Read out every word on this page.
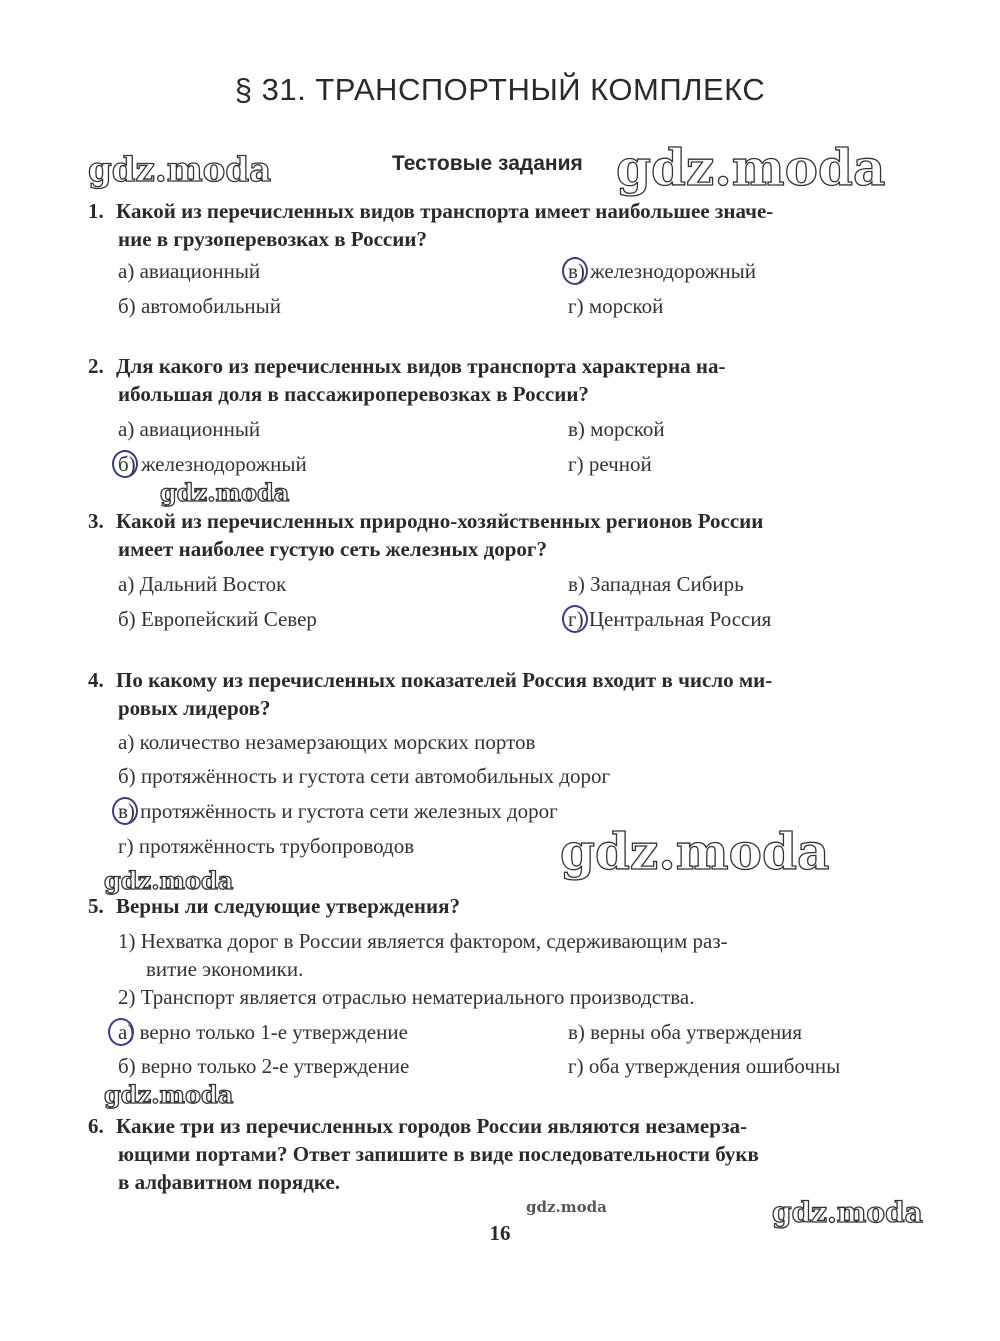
§ 31. ТРАНСПОРТНЫЙ КОМПЛЕКС
gdz.moda	gdz.moda
gdz.moda
gdz.moda
gdz.moda
gdz.moda
gdz.moda	gdz.moda
Тестовые задания
1. Какой из перечисленных видов транспорта имеет наибольшее значе-
ние в грузоперевозках в России?
а) авиационный
б) автомобильный
в) железнодорожный
г) морской
2. Для какого из перечисленных видов транспорта характерна на-
ибольшая доля в пассажироперевозках в России?
а) авиационный
б) железнодорожный
в) морской
г) речной
3. Какой из перечисленных природно-хозяйственных регионов России
имеет наиболее густую сеть железных дорог?
а) Дальний Восток
б) Европейский Север
в) Западная Сибирь
г) Центральная Россия
4. По какому из перечисленных показателей Россия входит в число ми-
ровых лидеров?
а) количество незамерзающих морских портов
б) протяжённость и густота сети автомобильных дорог
в) протяжённость и густота сети железных дорог
г) протяжённость трубопроводов
5. Верны ли следующие утверждения?
1) Нехватка дорог в России является фактором, сдерживающим раз-
витие экономики.
2) Транспорт является отраслью нематериального производства.
а) верно только 1-е утверждение
б) верно только 2-е утверждение
в) верны оба утверждения
г) оба утверждения ошибочны
6. Какие три из перечисленных городов России являются незамерза-
ющими портами? Ответ запишите в виде последовательности букв
в алфавитном порядке.
16
